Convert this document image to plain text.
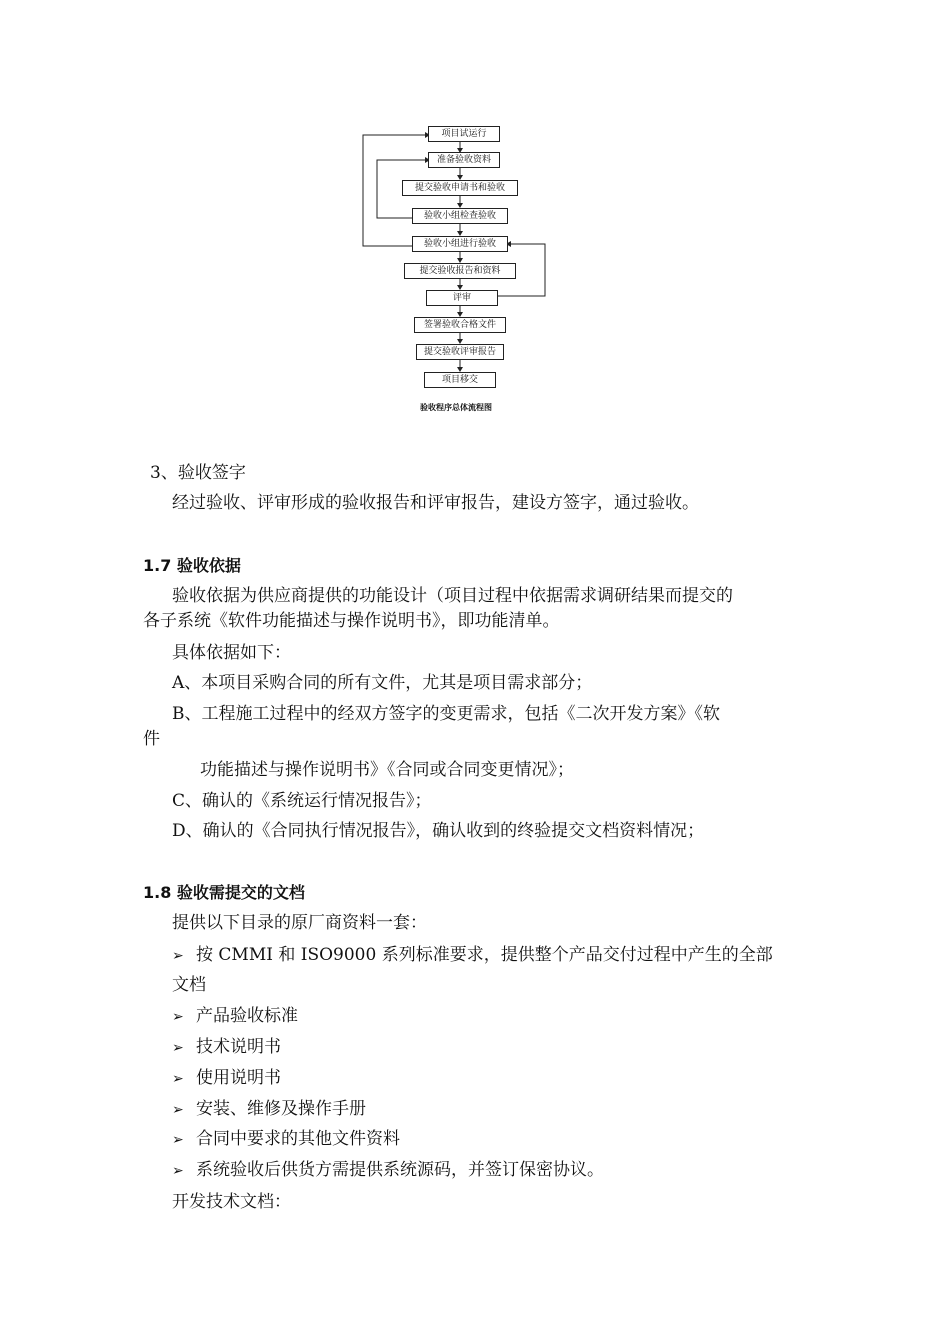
项目试运行
准备验收资料
提交验收申请书和验收
验收小组检查验收
验收小组进行验收
提交验收报告和资料
评审
签署验收合格文件
提交验收评审报告
项目移交
验收程序总体流程图
3、验收签字
经过验收、评审形成的验收报告和评审报告，建设方签字，通过验收。
1.7 验收依据
验收依据为供应商提供的功能设计（项目过程中依据需求调研结果而提交的
各子系统《软件功能描述与操作说明书》，即功能清单。
具体依据如下：
A、本项目采购合同的所有文件，尤其是项目需求部分；
B、工程施工过程中的经双方签字的变更需求，包括《二次开发方案》《软
件
功能描述与操作说明书》《合同或合同变更情况》；
C、确认的《系统运行情况报告》；
D、确认的《合同执行情况报告》，确认收到的终验提交文档资料情况；
1.8 验收需提交的文档
提供以下目录的原厂商资料一套：
➢ 按 CMMI 和 ISO9000 系列标准要求，提供整个产品交付过程中产生的全部
文档
➢ 产品验收标准
➢ 技术说明书
➢ 使用说明书
➢ 安装、维修及操作手册
➢ 合同中要求的其他文件资料
➢ 系统验收后供货方需提供系统源码，并签订保密协议。
开发技术文档：
